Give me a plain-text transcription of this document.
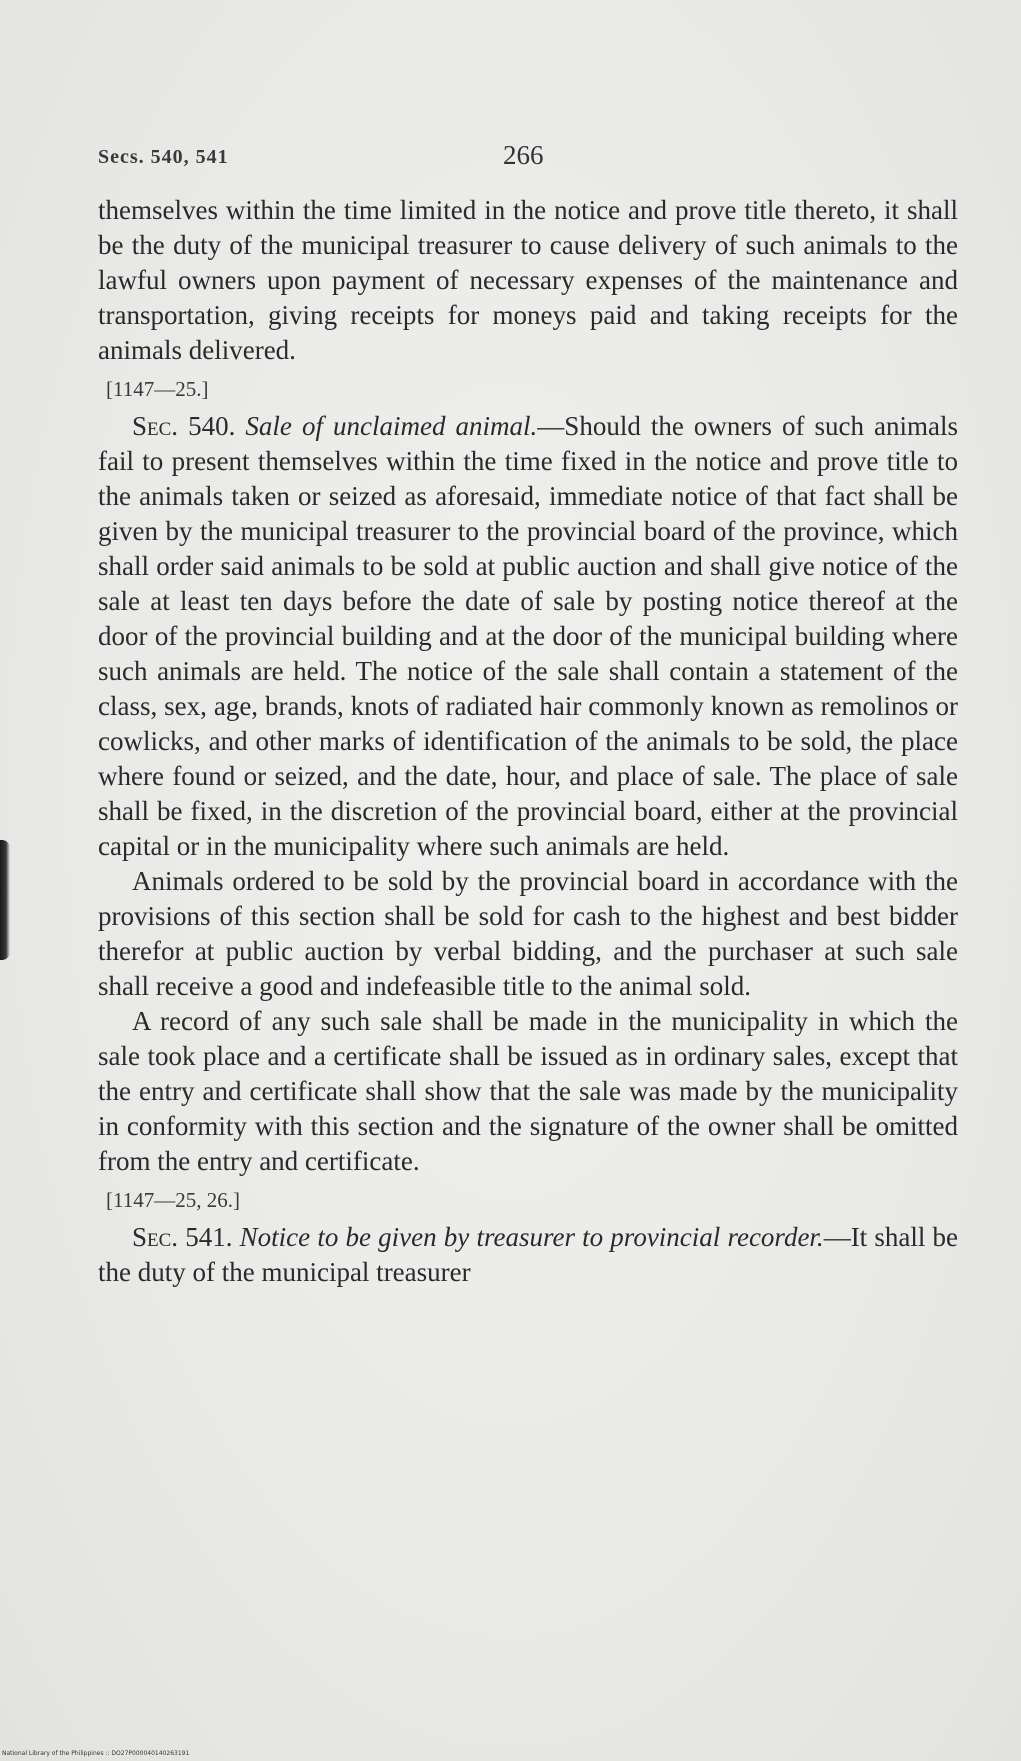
Secs. 540, 541	266

themselves within the time limited in the notice and prove title thereto, it shall be the duty of the municipal treasurer to cause delivery of such animals to the lawful owners upon payment of necessary expenses of the maintenance and transportation, giving receipts for moneys paid and taking receipts for the animals delivered.

[1147—25.]

Sec. 540. Sale of unclaimed animal.—Should the owners of such animals fail to present themselves within the time fixed in the notice and prove title to the animals taken or seized as aforesaid, immediate notice of that fact shall be given by the municipal treasurer to the provincial board of the province, which shall order said animals to be sold at public auction and shall give notice of the sale at least ten days before the date of sale by posting notice thereof at the door of the provincial building and at the door of the municipal building where such animals are held. The notice of the sale shall contain a statement of the class, sex, age, brands, knots of radiated hair commonly known as remolinos or cowlicks, and other marks of identification of the animals to be sold, the place where found or seized, and the date, hour, and place of sale. The place of sale shall be fixed, in the discretion of the provincial board, either at the provincial capital or in the municipality where such animals are held.

Animals ordered to be sold by the provincial board in accordance with the provisions of this section shall be sold for cash to the highest and best bidder therefor at public auction by verbal bidding, and the purchaser at such sale shall receive a good and indefeasible title to the animal sold.

A record of any such sale shall be made in the municipality in which the sale took place and a certificate shall be issued as in ordinary sales, except that the entry and certificate shall show that the sale was made by the municipality in conformity with this section and the signature of the owner shall be omitted from the entry and certificate.

[1147—25, 26.]

Sec. 541. Notice to be given by treasurer to provincial recorder.—It shall be the duty of the municipal treasurer

National Library of the Philippines :: DO27P000040140263191
